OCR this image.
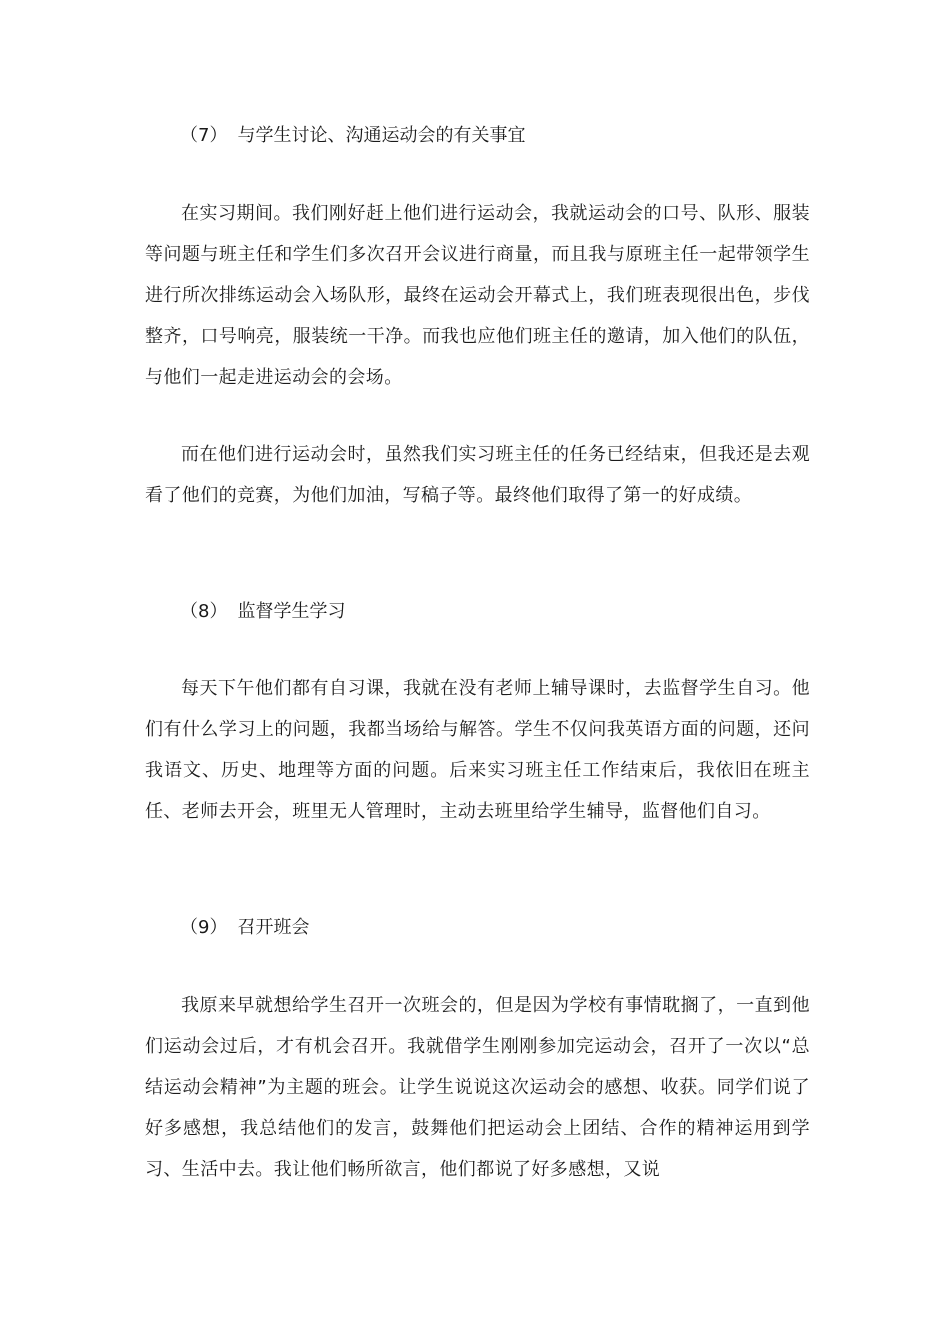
（7） 与学生讨论、沟通运动会的有关事宜

在实习期间。我们刚好赶上他们进行运动会，我就运动会的口号、队形、服装等问题与班主任和学生们多次召开会议进行商量，而且我与原班主任一起带领学生进行所次排练运动会入场队形，最终在运动会开幕式上，我们班表现很出色，步伐整齐，口号响亮，服装统一干净。而我也应他们班主任的邀请，加入他们的队伍，与他们一起走进运动会的会场。

而在他们进行运动会时，虽然我们实习班主任的任务已经结束，但我还是去观看了他们的竞赛，为他们加油，写稿子等。最终他们取得了第一的好成绩。

（8） 监督学生学习

每天下午他们都有自习课，我就在没有老师上辅导课时，去监督学生自习。他们有什么学习上的问题，我都当场给与解答。学生不仅问我英语方面的问题，还问我语文、历史、地理等方面的问题。后来实习班主任工作结束后，我依旧在班主任、老师去开会，班里无人管理时，主动去班里给学生辅导，监督他们自习。

（9） 召开班会

我原来早就想给学生召开一次班会的，但是因为学校有事情耽搁了，一直到他们运动会过后，才有机会召开。我就借学生刚刚参加完运动会，召开了一次以“总结运动会精神”为主题的班会。让学生说说这次运动会的感想、收获。同学们说了好多感想，我总结他们的发言，鼓舞他们把运动会上团结、合作的精神运用到学习、生活中去。我让他们畅所欲言，他们都说了好多感想，又说
